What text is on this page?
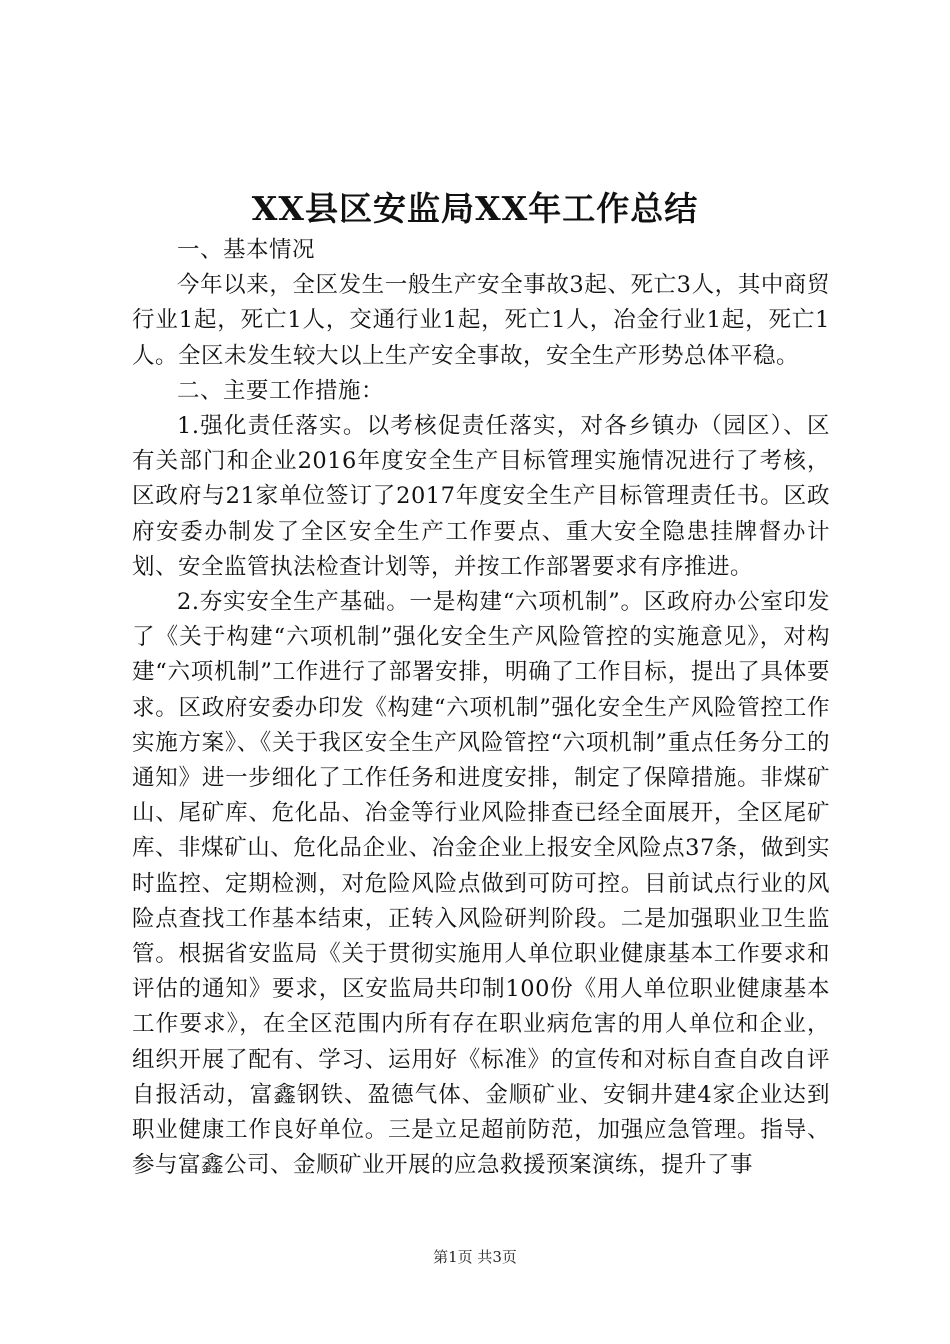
XX县区安监局XX年工作总结

一、基本情况

今年以来，全区发生一般生产安全事故3起、死亡3人，其中商贸行业1起，死亡1人，交通行业1起，死亡1人，冶金行业1起，死亡1人。全区未发生较大以上生产安全事故，安全生产形势总体平稳。

二、主要工作措施：

1.强化责任落实。以考核促责任落实，对各乡镇办（园区）、区有关部门和企业2016年度安全生产目标管理实施情况进行了考核，区政府与21家单位签订了2017年度安全生产目标管理责任书。区政府安委办制发了全区安全生产工作要点、重大安全隐患挂牌督办计划、安全监管执法检查计划等，并按工作部署要求有序推进。

2.夯实安全生产基础。一是构建“六项机制”。区政府办公室印发了《关于构建“六项机制”强化安全生产风险管控的实施意见》，对构建“六项机制”工作进行了部署安排，明确了工作目标，提出了具体要求。区政府安委办印发《构建“六项机制”强化安全生产风险管控工作实施方案》、《关于我区安全生产风险管控“六项机制”重点任务分工的通知》进一步细化了工作任务和进度安排，制定了保障措施。非煤矿山、尾矿库、危化品、冶金等行业风险排查已经全面展开，全区尾矿库、非煤矿山、危化品企业、冶金企业上报安全风险点37条，做到实时监控、定期检测，对危险风险点做到可防可控。目前试点行业的风险点查找工作基本结束，正转入风险研判阶段。二是加强职业卫生监管。根据省安监局《关于贯彻实施用人单位职业健康基本工作要求和评估的通知》要求，区安监局共印制100份《用人单位职业健康基本工作要求》，在全区范围内所有存在职业病危害的用人单位和企业，组织开展了配有、学习、运用好《标准》的宣传和对标自查自改自评自报活动，富鑫钢铁、盈德气体、金顺矿业、安铜井建4家企业达到职业健康工作良好单位。三是立足超前防范，加强应急管理。指导、参与富鑫公司、金顺矿业开展的应急救援预案演练，提升了事

第1页 共3页
